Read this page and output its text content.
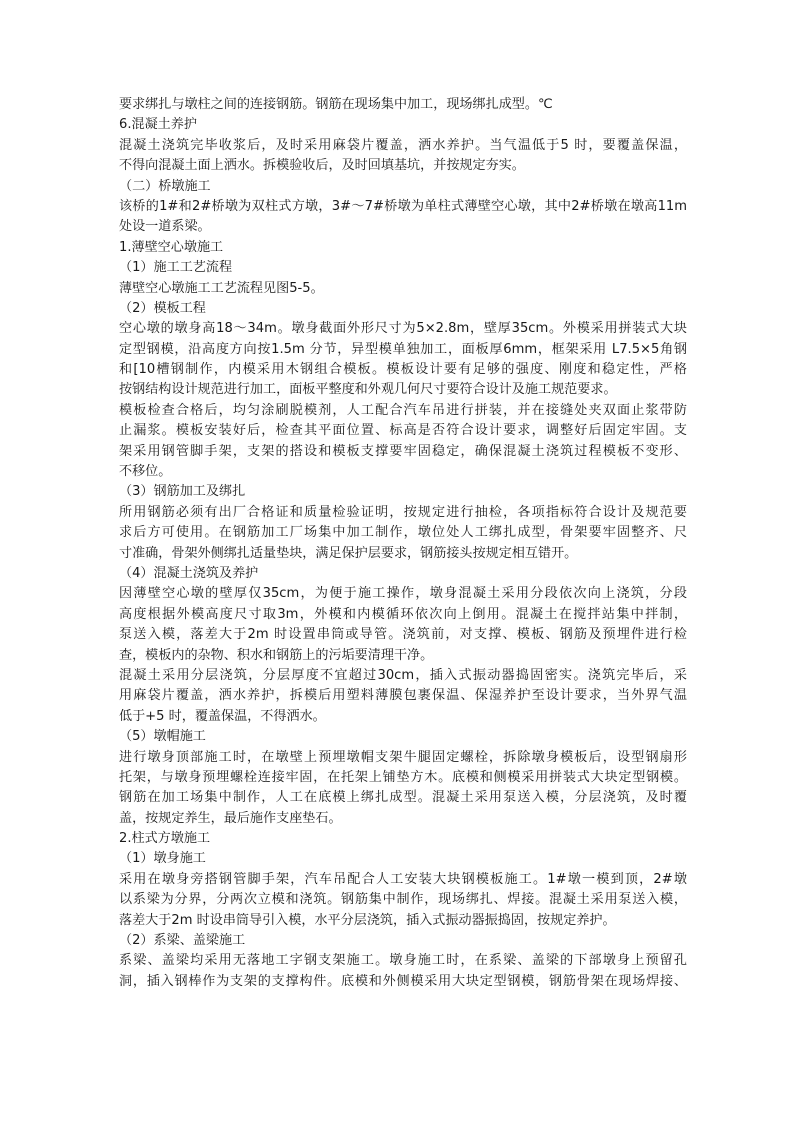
要求绑扎与墩柱之间的连接钢筋。钢筋在现场集中加工，现场绑扎成型。℃
6.混凝土养护
混凝土浇筑完毕收浆后，及时采用麻袋片覆盖，洒水养护。当气温低于5 时，要覆盖保温，
不得向混凝土面上洒水。拆模验收后，及时回填基坑，并按规定夯实。
（二）桥墩施工
该桥的1#和2#桥墩为双柱式方墩，3#～7#桥墩为单柱式薄壁空心墩，其中2#桥墩在墩高11m
处设一道系梁。
1.薄壁空心墩施工
（1）施工工艺流程
薄壁空心墩施工工艺流程见图5-5。
（2）模板工程
空心墩的墩身高18～34m。墩身截面外形尺寸为5×2.8m，壁厚35cm。外模采用拼装式大块
定型钢模，沿高度方向按1.5m 分节，异型模单独加工，面板厚6mm，框架采用 L7.5×5角钢
和[10槽钢制作，内模采用木钢组合模板。模板设计要有足够的强度、刚度和稳定性，严格
按钢结构设计规范进行加工，面板平整度和外观几何尺寸要符合设计及施工规范要求。
模板检查合格后，均匀涂刷脱模剂，人工配合汽车吊进行拼装，并在接缝处夹双面止浆带防
止漏浆。模板安装好后，检查其平面位置、标高是否符合设计要求，调整好后固定牢固。支
架采用钢管脚手架，支架的搭设和模板支撑要牢固稳定，确保混凝土浇筑过程模板不变形、
不移位。
（3）钢筋加工及绑扎
所用钢筋必须有出厂合格证和质量检验证明，按规定进行抽检，各项指标符合设计及规范要
求后方可使用。在钢筋加工厂场集中加工制作，墩位处人工绑扎成型，骨架要牢固整齐、尺
寸准确，骨架外侧绑扎适量垫块，满足保护层要求，钢筋接头按规定相互错开。
（4）混凝土浇筑及养护
因薄壁空心墩的壁厚仅35cm，为便于施工操作，墩身混凝土采用分段依次向上浇筑，分段
高度根据外模高度尺寸取3m，外模和内模循环依次向上倒用。混凝土在搅拌站集中拌制，
泵送入模，落差大于2m 时设置串筒或导管。浇筑前，对支撑、模板、钢筋及预埋件进行检
查，模板内的杂物、积水和钢筋上的污垢要清理干净。
混凝土采用分层浇筑，分层厚度不宜超过30cm，插入式振动器捣固密实。浇筑完毕后，采
用麻袋片覆盖，洒水养护，拆模后用塑料薄膜包裹保温、保湿养护至设计要求，当外界气温
低于+5 时，覆盖保温，不得洒水。
（5）墩帽施工
进行墩身顶部施工时，在墩壁上预埋墩帽支架牛腿固定螺栓，拆除墩身模板后，设型钢扇形
托架，与墩身预埋螺栓连接牢固，在托架上铺垫方木。底模和侧模采用拼装式大块定型钢模。
钢筋在加工场集中制作，人工在底模上绑扎成型。混凝土采用泵送入模，分层浇筑，及时覆
盖，按规定养生，最后施作支座垫石。
2.柱式方墩施工
（1）墩身施工
采用在墩身旁搭钢管脚手架，汽车吊配合人工安装大块钢模板施工。1#墩一模到顶，2#墩
以系梁为分界，分两次立模和浇筑。钢筋集中制作，现场绑扎、焊接。混凝土采用泵送入模，
落差大于2m 时设串筒导引入模，水平分层浇筑，插入式振动器振捣固，按规定养护。
（2）系梁、盖梁施工
系梁、盖梁均采用无落地工字钢支架施工。墩身施工时，在系梁、盖梁的下部墩身上预留孔
洞，插入钢棒作为支架的支撑构件。底模和外侧模采用大块定型钢模，钢筋骨架在现场焊接、
